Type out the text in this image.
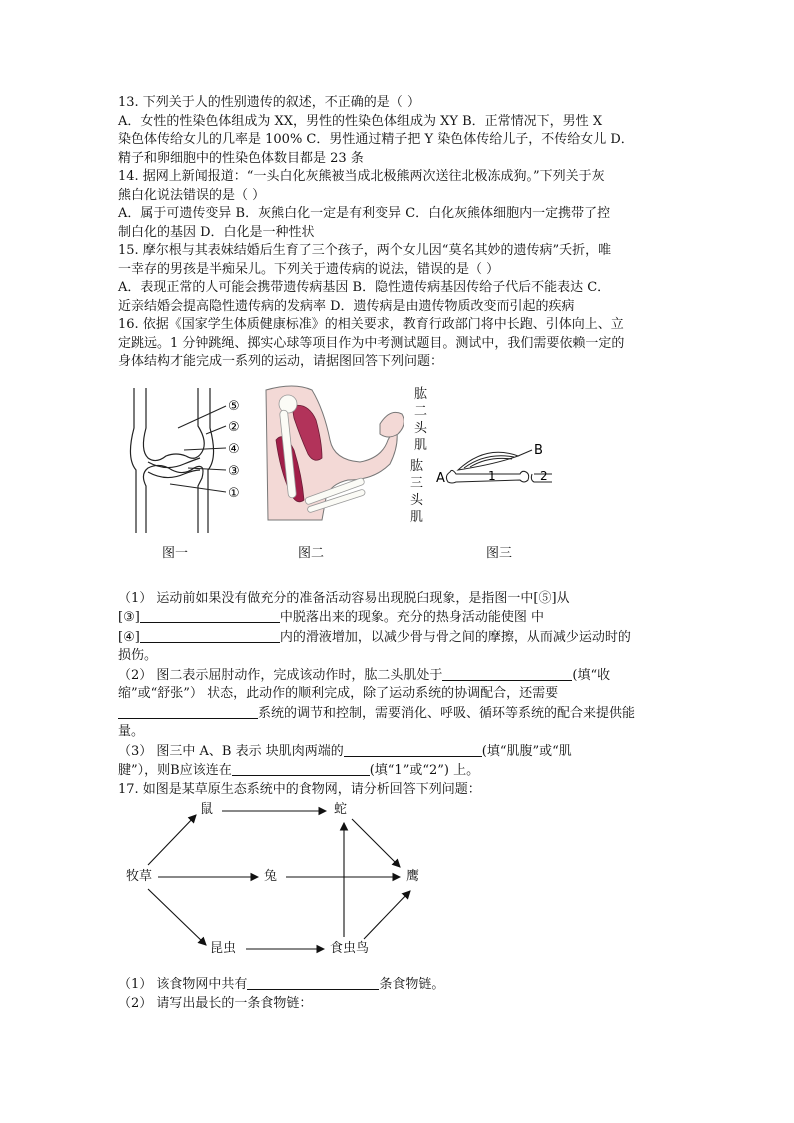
13. 下列关于人的性别遗传的叙述，不正确的是（ ）
A．女性的性染色体组成为 XX，男性的性染色体组成为 XY B．正常情况下，男性 X
染色体传给女儿的几率是 100% C．男性通过精子把 Y 染色体传给儿子，不传给女儿 D．
精子和卵细胞中的性染色体数目都是 23 条
14. 据网上新闻报道：“一头白化灰熊被当成北极熊两次送往北极冻成狗。”下列关于灰
熊白化说法错误的是（ ）
A．属于可遗传变异 B．灰熊白化一定是有利变异 C．白化灰熊体细胞内一定携带了控
制白化的基因 D．白化是一种性状
15. 摩尔根与其表妹结婚后生育了三个孩子，两个女儿因“莫名其妙的遗传病”夭折，唯
一幸存的男孩是半痴呆儿。下列关于遗传病的说法，错误的是（ ）
A．表现正常的人可能会携带遗传病基因 B．隐性遗传病基因传给子代后不能表达 C．
近亲结婚会提高隐性遗传病的发病率 D．遗传病是由遗传物质改变而引起的疾病
16. 依据《国家学生体质健康标准》的相关要求，教育行政部门将中长跑、引体向上、立
定跳远。1 分钟跳绳、掷实心球等项目作为中考测试题目。测试中，我们需要依赖一定的
身体结构才能完成一系列的运动，请据图回答下列问题：
⑤
②
④
③
①
图一
肱
二
头
肌
肱
三
头
肌
图二
A
B
1	2
图三
（1） 运动前如果没有做充分的准备活动容易出现脱臼现象，是指图一中[⑤]从
[③]	中脱落出来的现象。充分的热身活动能使图 中
[④]	内的滑液增加，以减少骨与骨之间的摩擦，从而减少运动时的
损伤。
（2） 图二表示屈肘动作，完成该动作时，肱二头肌处于	(填“收
缩”或“舒张”） 状态，此动作的顺利完成，除了运动系统的协调配合，还需要
系统的调节和控制，需要消化、呼吸、循环等系统的配合来提供能
量。
（3） 图三中 A、B 表示 块肌肉两端的	(填“肌腹”或“肌
腱”），则B应该连在	(填“1”或“2”) 上。
17. 如图是某草原生态系统中的食物网，请分析回答下列问题：
鼠	蛇
牧草	兔	鹰
昆虫	食虫鸟
（1） 该食物网中共有	条食物链。
（2） 请写出最长的一条食物链：
